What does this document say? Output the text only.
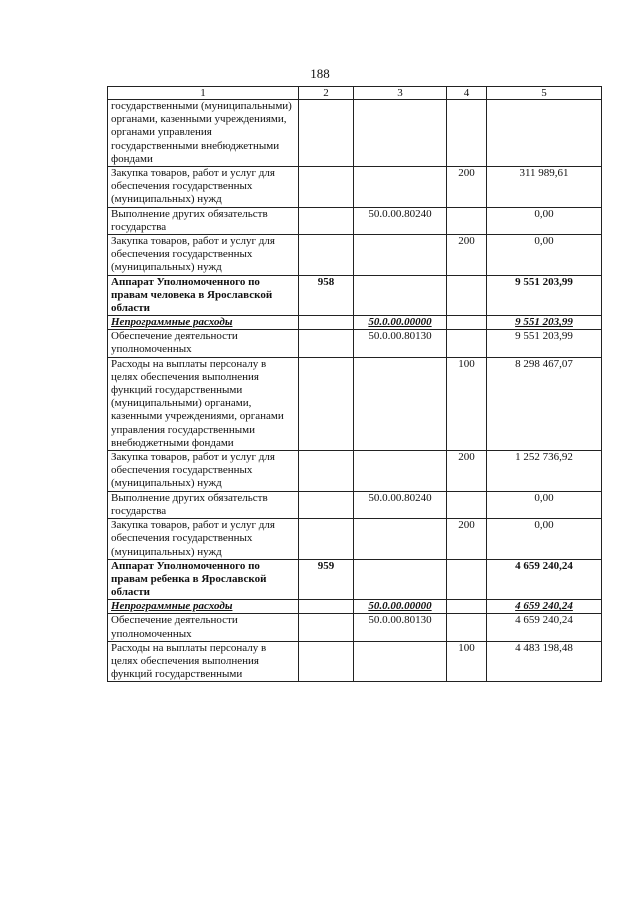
188
1	2	3	4	5
государственными (муниципальными) органами, казенными учреждениями, органами управления государственными внебюджетными фондами				
Закупка товаров, работ и услуг для обеспечения государственных (муниципальных) нужд			200	311 989,61
Выполнение других обязательств государства		50.0.00.80240		0,00
Закупка товаров, работ и услуг для обеспечения государственных (муниципальных) нужд			200	0,00
Аппарат Уполномоченного по правам человека в Ярославской области	958			9 551 203,99
Непрограммные расходы		50.0.00.00000		9 551 203,99
Обеспечение деятельности уполномоченных		50.0.00.80130		9 551 203,99
Расходы на выплаты персоналу в целях обеспечения выполнения функций государственными (муниципальными) органами, казенными учреждениями, органами управления государственными внебюджетными фондами			100	8 298 467,07
Закупка товаров, работ и услуг для обеспечения государственных (муниципальных) нужд			200	1 252 736,92
Выполнение других обязательств государства		50.0.00.80240		0,00
Закупка товаров, работ и услуг для обеспечения государственных (муниципальных) нужд			200	0,00
Аппарат Уполномоченного по правам ребенка в Ярославской области	959			4 659 240,24
Непрограммные расходы		50.0.00.00000		4 659 240,24
Обеспечение деятельности уполномоченных		50.0.00.80130		4 659 240,24
Расходы на выплаты персоналу в целях обеспечения выполнения функций государственными			100	4 483 198,48
